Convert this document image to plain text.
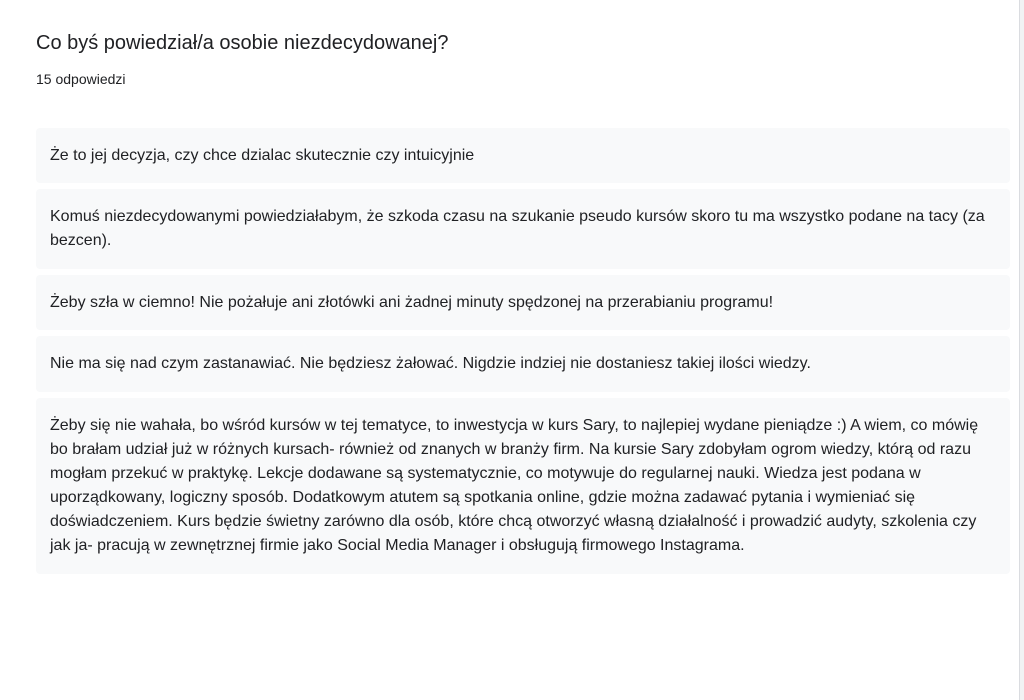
Co byś powiedział/a osobie niezdecydowanej?
15 odpowiedzi
Że to jej decyzja, czy chce dzialac skutecznie czy intuicyjnie
Komuś niezdecydowanymi powiedziałabym, że szkoda czasu na szukanie pseudo kursów skoro tu ma wszystko podane na tacy (za bezcen).
Żeby szła w ciemno! Nie pożałuje ani złotówki ani żadnej minuty spędzonej na przerabianiu programu!
Nie ma się nad czym zastanawiać. Nie będziesz żałować. Nigdzie indziej nie dostaniesz takiej ilości wiedzy.
Żeby się nie wahała, bo wśród kursów w tej tematyce, to inwestycja w kurs Sary, to najlepiej wydane pieniądze :) A wiem, co mówię bo brałam udział już w różnych kursach- również od znanych w branży firm. Na kursie Sary zdobyłam ogrom wiedzy, którą od razu mogłam przekuć w praktykę. Lekcje dodawane są systematycznie, co motywuje do regularnej nauki. Wiedza jest podana w uporządkowany, logiczny sposób. Dodatkowym atutem są spotkania online, gdzie można zadawać pytania i wymieniać się doświadczeniem. Kurs będzie świetny zarówno dla osób, które chcą otworzyć własną działalność i prowadzić audyty, szkolenia czy jak ja- pracują w zewnętrznej firmie jako Social Media Manager i obsługują firmowego Instagrama.
